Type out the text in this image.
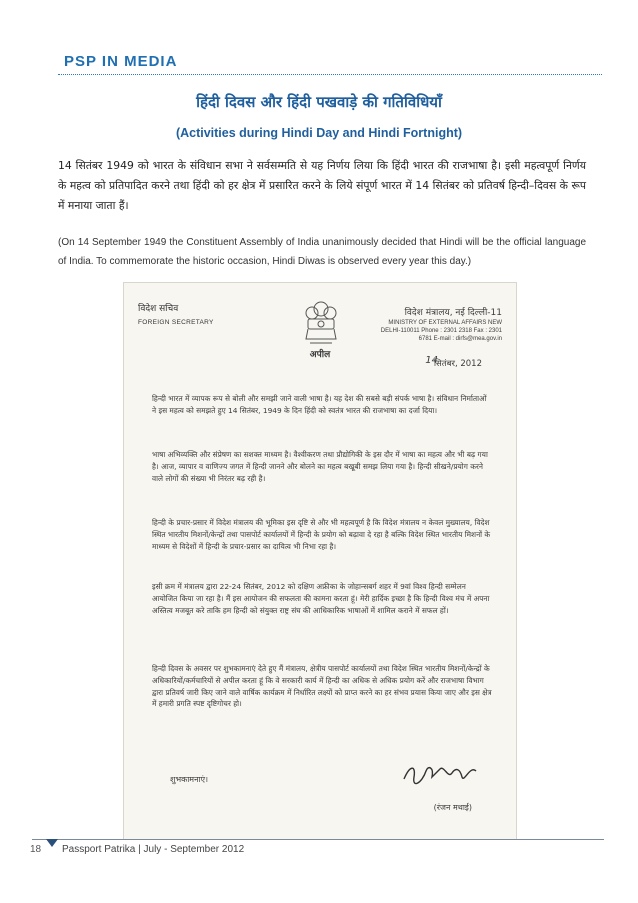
PSP IN MEDIA
हिंदी दिवस और हिंदी पखवाड़े की गतिविधियाँ
(Activities during Hindi Day and Hindi Fortnight)
14 सितंबर 1949 को भारत के संविधान सभा ने सर्वसम्मति से यह निर्णय लिया कि हिंदी भारत की राजभाषा है। इसी महत्वपूर्ण निर्णय के महत्व को प्रतिपादित करने तथा हिंदी को हर क्षेत्र में प्रसारित करने के लिये संपूर्ण भारत में 14 सितंबर को प्रतिवर्ष हिन्दी–दिवस के रूप में मनाया जाता हैं।
(On 14 September 1949 the Constituent Assembly of India unanimously decided that Hindi will be the official language of India. To commemorate the historic occasion, Hindi Diwas is observed every year this day.)
विदेश सचिव
FOREIGN SECRETARY
विदेश मंत्रालय, नई दिल्ली-11
MINISTRY OF EXTERNAL AFFAIRS NEW DELHI-110011 Phone : 2301 2318 Fax : 2301 6781 E-mail : dirfs@mea.gov.in
अपील	14
सितंबर, 2012
हिन्दी भारत में व्यापक रूप से बोली और समझी जाने वाली भाषा है। यह देश की सबसे बड़ी संपर्क भाषा है। संविधान निर्माताओं ने इस महत्व को समझते हुए 14 सितंबर, 1949 के दिन हिंदी को स्वतंत्र भारत की राजभाषा का दर्जा दिया।
भाषा अभिव्यक्ति और संप्रेषण का सशक्त माध्यम है। वैश्वीकरण तथा प्रौद्योगिकी के इस दौर में भाषा का महत्व और भी बढ़ गया है। आज, व्यापार व वाणिज्य जगत में हिन्दी जानने और बोलने का महत्व बखूबी समझ लिया गया है। हिन्दी सीखने/प्रयोग करने वाले लोगों की संख्या भी निरंतर बढ़ रही है।
हिन्दी के प्रचार-प्रसार में विदेश मंत्रालय की भूमिका इस दृष्टि से और भी महत्वपूर्ण है कि विदेश मंत्रालय न केवल मुख्यालय, विदेश स्थित भारतीय मिशनों/केन्द्रों तथा पासपोर्ट कार्यालयों में हिन्दी के प्रयोग को बढ़ावा दे रहा है बल्कि विदेश स्थित भारतीय मिशनों के माध्यम से विदेशों में हिन्दी के प्रचार-प्रसार का दायित्व भी निभा रहा है।
इसी क्रम में मंत्रालय द्वारा 22-24 सितंबर, 2012 को दक्षिण अफ्रीका के जोहान्सबर्ग शहर में 9वां विश्व हिन्दी सम्मेलन आयोजित किया जा रहा है। मैं इस आयोजन की सफलता की कामना करता हूं। मेरी हार्दिक इच्छा है कि हिन्दी विश्व मंच में अपना अस्तित्व मजबूत करे ताकि हम हिन्दी को संयुक्त राष्ट्र संघ की आधिकारिक भाषाओं में शामिल कराने में सफल हों।
हिन्दी दिवस के अवसर पर शुभकामनाएं देते हुए मैं मंत्रालय, क्षेत्रीय पासपोर्ट कार्यालयों तथा विदेश स्थित भारतीय मिशनों/केन्द्रों के अधिकारियों/कर्मचारियों से अपील करता हूं कि वे सरकारी कार्य में हिन्दी का अधिक से अधिक प्रयोग करें और राजभाषा विभाग द्वारा प्रतिवर्ष जारी किए जाने वाले वार्षिक कार्यक्रम में निर्धारित लक्ष्यों को प्राप्त करने का हर संभव प्रयास किया जाए और इस क्षेत्र में हमारी प्रगति स्पष्ट दृष्टिगोचर हो।
शुभकामनाएं।
(रंजन मथाई)
18 Passport Patrika | July - September 2012
